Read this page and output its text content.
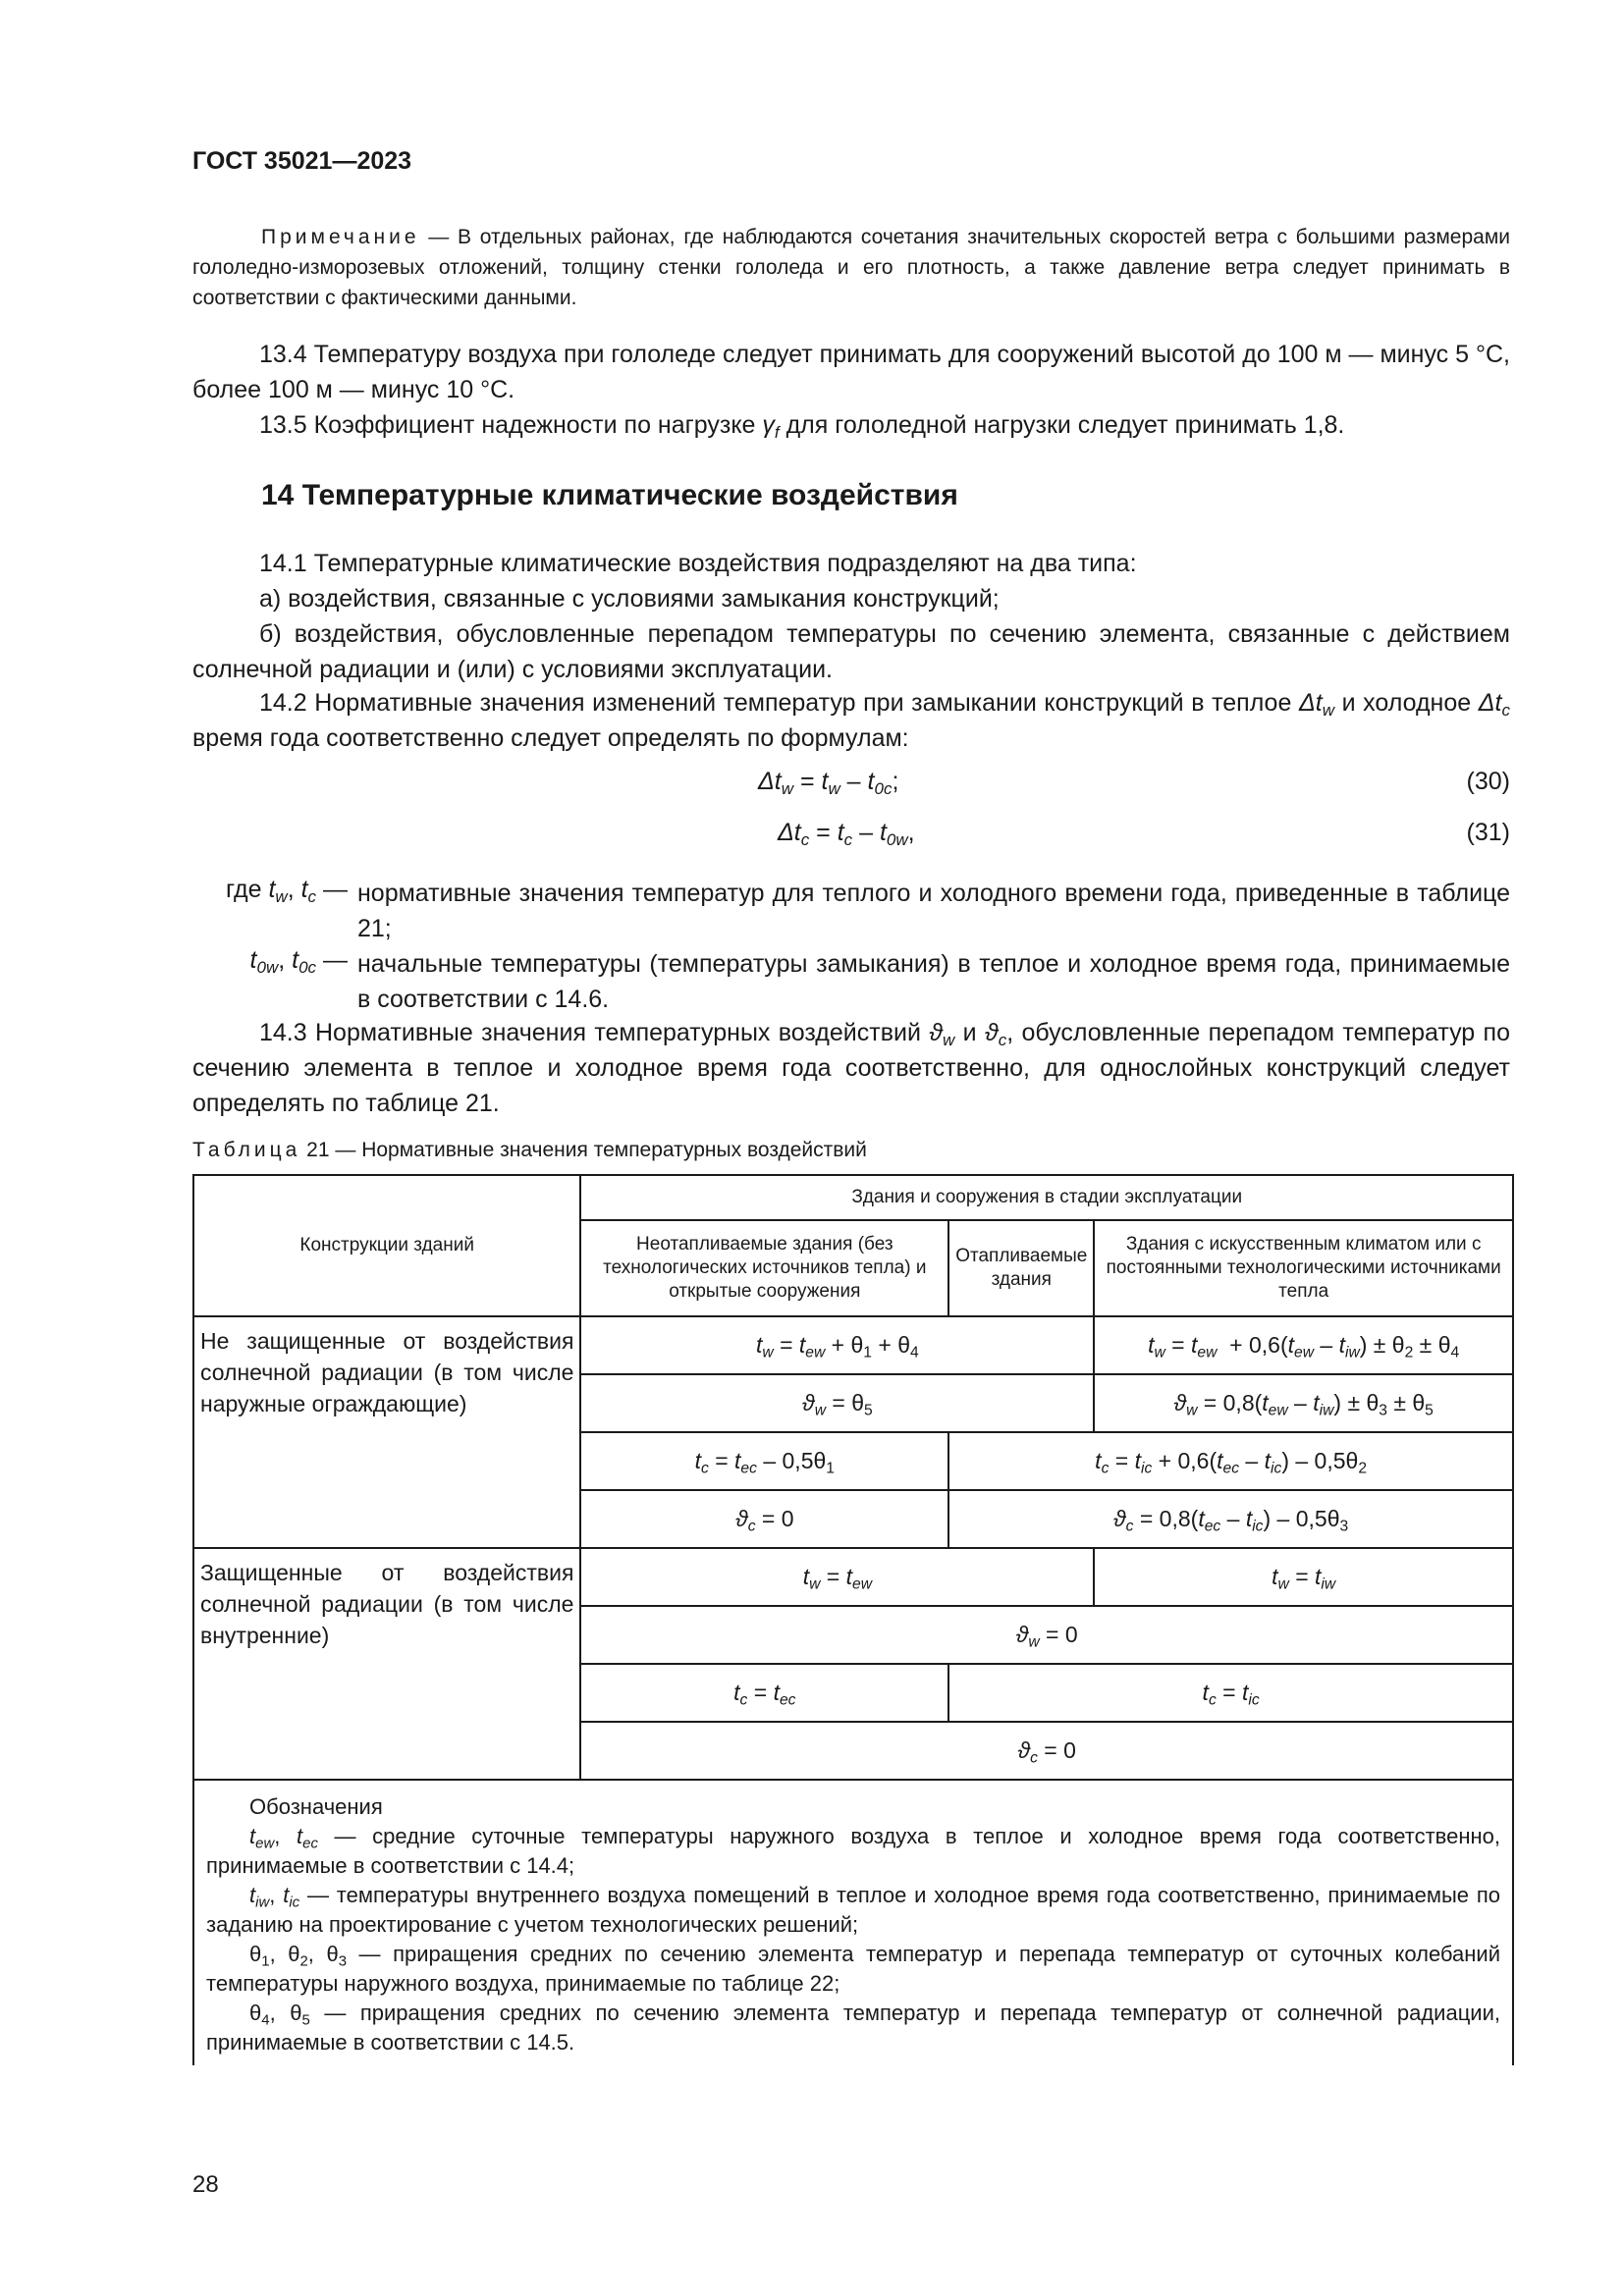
ГОСТ 35021—2023
Примечание — В отдельных районах, где наблюдаются сочетания значительных скоростей ветра с большими размерами гололедно-изморозевых отложений, толщину стенки гололеда и его плотность, а также давление ветра следует принимать в соответствии с фактическими данными.
13.4 Температуру воздуха при гололеде следует принимать для сооружений высотой до 100 м — минус 5 °С, более 100 м — минус 10 °С.
13.5 Коэффициент надежности по нагрузке $\gamma_f$ для гололедной нагрузки следует принимать 1,8.
14 Температурные климатические воздействия
14.1 Температурные климатические воздействия подразделяют на два типа:
а) воздействия, связанные с условиями замыкания конструкций;
б) воздействия, обусловленные перепадом температуры по сечению элемента, связанные с действием солнечной радиации и (или) с условиями эксплуатации.
14.2 Нормативные значения изменений температур при замыкании конструкций в теплое $\Delta t_w$ и холодное $\Delta t_c$ время года соответственно следует определять по формулам:
$\Delta t_w = t_w - t_{0c}$;	(30)
$\Delta t_c = t_c - t_{0w}$,	(31)
где $t_w$, $t_c$ — нормативные значения температур для теплого и холодного времени года, приведенные в таблице 21;
$t_{0w}$, $t_{0c}$ — начальные температуры (температуры замыкания) в теплое и холодное время года, принимаемые в соответствии с 14.6.
14.3 Нормативные значения температурных воздействий $ϑ_w$ и $ϑ_c$, обусловленные перепадом температур по сечению элемента в теплое и холодное время года соответственно, для однослойных конструкций следует определять по таблице 21.
Таблица 21 — Нормативные значения температурных воздействий
Конструкции зданий	Здания и сооружения в стадии эксплуатации		
	Неотапливаемые здания (без технологических источников тепла) и открытые сооружения	Отапливаемые здания	Здания с искусственным климатом или с постоянными технологическими источниками тепла
Не защищенные от воздействия солнечной радиации (в том числе наружные ограждающие)	$t_w = t_{ew} + \theta_1 + \theta_4$		$t_w = t_{ew} + 0,6(t_{ew} - t_{iw}) \pm \theta_2 \pm \theta_4$
	$ϑ_w = \theta_5$		$ϑ_w = 0,8(t_{ew} - t_{iw}) \pm \theta_3 \pm \theta_5$
	$t_c = t_{ec} - 0,5\theta_1$	$t_c = t_{ic} + 0,6(t_{ec} - t_{ic}) - 0,5\theta_2$
	$ϑ_c = 0$	$ϑ_c = 0,8(t_{ec} - t_{ic}) - 0,5\theta_3$
Защищенные от воздействия солнечной радиации (в том числе внутренние)	$t_w = t_{ew}$		$t_w = t_{iw}$
	$ϑ_w = 0$		
	$t_c = t_{ec}$	$t_c = t_{ic}$
	$ϑ_c = 0$		

Обозначения
$t_{ew}$, $t_{ec}$ — средние суточные температуры наружного воздуха в теплое и холодное время года соответственно, принимаемые в соответствии с 14.4;
$t_{iw}$, $t_{ic}$ — температуры внутреннего воздуха помещений в теплое и холодное время года соответственно, принимаемые по заданию на проектирование с учетом технологических решений;
$\theta_1$, $\theta_2$, $\theta_3$ — приращения средних по сечению элемента температур и перепада температур от суточных колебаний температуры наружного воздуха, принимаемые по таблице 22;
$\theta_4$, $\theta_5$ — приращения средних по сечению элемента температур и перепада температур от солнечной радиации, принимаемые в соответствии с 14.5.			
28
